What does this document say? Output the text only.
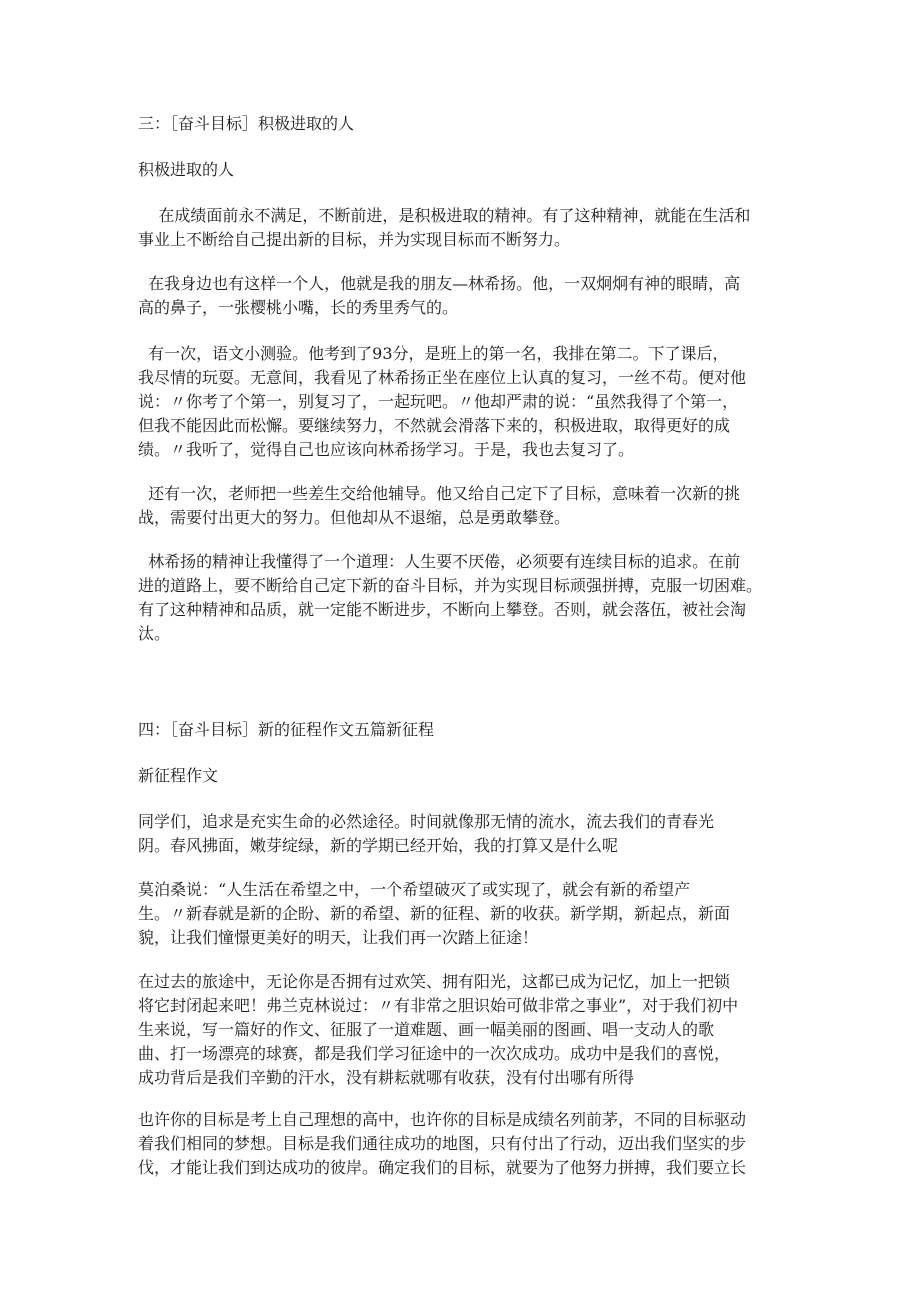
三：［奋斗目标］积极进取的人

积极进取的人

在成绩面前永不满足，不断前进，是积极进取的精神。有了这种精神，就能在生活和

事业上不断给自己提出新的目标，并为实现目标而不断努力。

在我身边也有这样一个人，他就是我的朋友—林希扬。他，一双炯炯有神的眼睛，高

高的鼻子，一张樱桃小嘴，长的秀里秀气的。

有一次，语文小测验。他考到了93分，是班上的第一名，我排在第二。下了课后，

我尽情的玩耍。无意间，我看见了林希扬正坐在座位上认真的复习，一丝不苟。便对他

说：〃你考了个第一，别复习了，一起玩吧。〃他却严肃的说：“虽然我得了个第一，

但我不能因此而松懈。要继续努力，不然就会滑落下来的，积极进取，取得更好的成

绩。〃我听了，觉得自己也应该向林希扬学习。于是，我也去复习了。

还有一次，老师把一些差生交给他辅导。他又给自己定下了目标，意味着一次新的挑

战，需要付出更大的努力。但他却从不退缩，总是勇敢攀登。

林希扬的精神让我懂得了一个道理：人生要不厌倦，必须要有连续目标的追求。在前

进的道路上，要不断给自己定下新的奋斗目标，并为实现目标顽强拼搏，克服一切困难。

有了这种精神和品质，就一定能不断进步，不断向上攀登。否则，就会落伍，被社会淘

汰。

四：［奋斗目标］新的征程作文五篇新征程

新征程作文

同学们，追求是充实生命的必然途径。时间就像那无情的流水，流去我们的青春光

阴。春风拂面，嫩芽绽绿，新的学期已经开始，我的打算又是什么呢

莫泊桑说：“人生活在希望之中，一个希望破灭了或实现了，就会有新的希望产

生。〃新春就是新的企盼、新的希望、新的征程、新的收获。新学期，新起点，新面

貌，让我们憧憬更美好的明天，让我们再一次踏上征途！

在过去的旅途中，无论你是否拥有过欢笑、拥有阳光，这都已成为记忆，加上一把锁

将它封闭起来吧！弗兰克林说过：〃有非常之胆识始可做非常之事业”，对于我们初中

生来说，写一篇好的作文、征服了一道难题、画一幅美丽的图画、唱一支动人的歌

曲、打一场漂亮的球赛，都是我们学习征途中的一次次成功。成功中是我们的喜悦，

成功背后是我们辛勤的汗水，没有耕耘就哪有收获，没有付出哪有所得

也许你的目标是考上自己理想的高中，也许你的目标是成绩名列前茅，不同的目标驱动

着我们相同的梦想。目标是我们通往成功的地图，只有付出了行动，迈出我们坚实的步

伐，才能让我们到达成功的彼岸。确定我们的目标，就要为了他努力拼搏，我们要立长
